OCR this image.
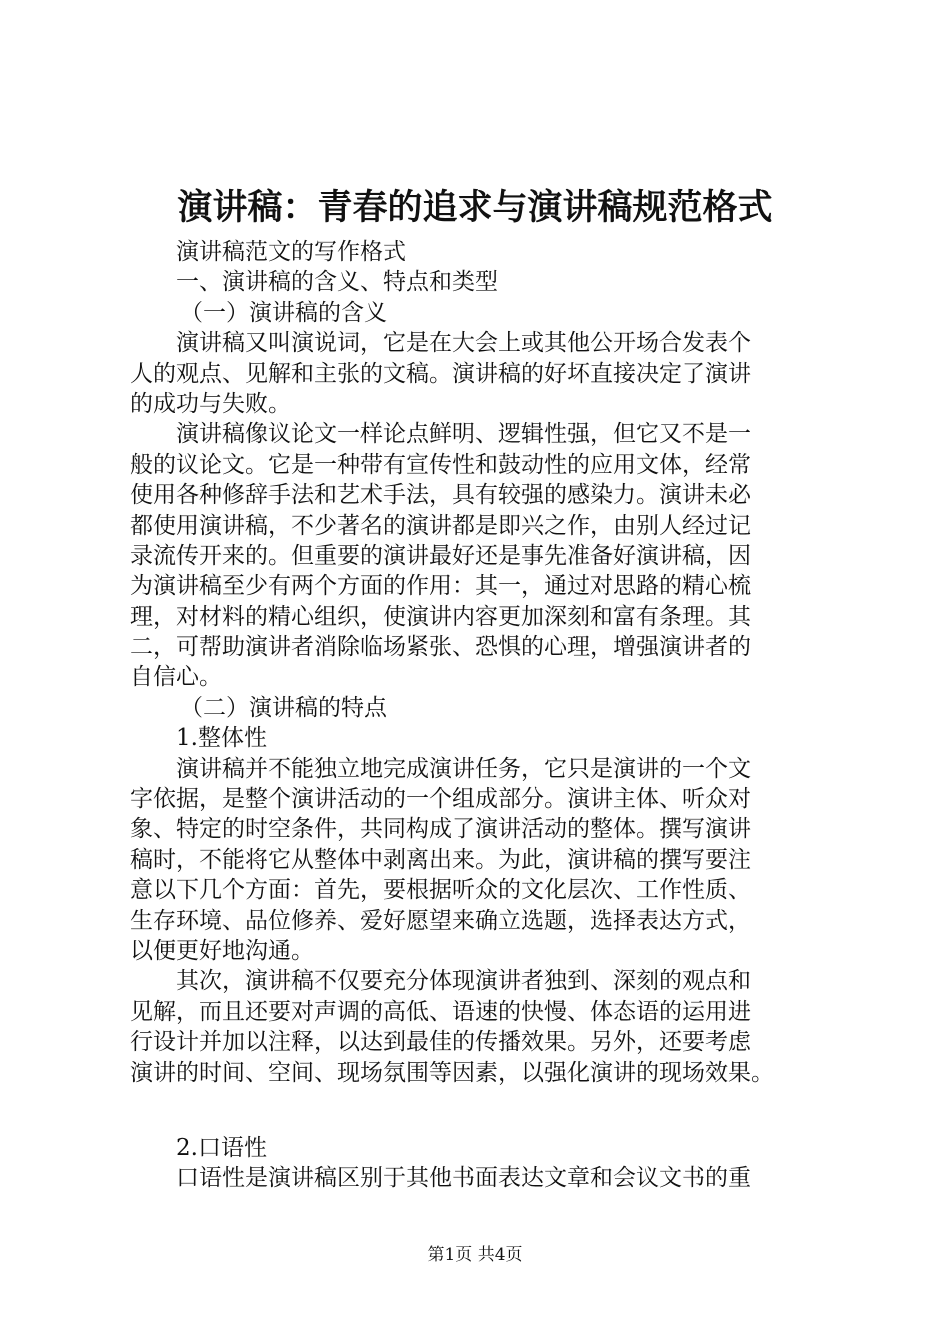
演讲稿：青春的追求与演讲稿规范格式
演讲稿范文的写作格式
一、演讲稿的含义、特点和类型
（一）演讲稿的含义
演讲稿又叫演说词，它是在大会上或其他公开场合发表个
人的观点、见解和主张的文稿。演讲稿的好坏直接决定了演讲
的成功与失败。
演讲稿像议论文一样论点鲜明、逻辑性强，但它又不是一
般的议论文。它是一种带有宣传性和鼓动性的应用文体，经常
使用各种修辞手法和艺术手法，具有较强的感染力。演讲未必
都使用演讲稿，不少著名的演讲都是即兴之作，由别人经过记
录流传开来的。但重要的演讲最好还是事先准备好演讲稿，因
为演讲稿至少有两个方面的作用：其一，通过对思路的精心梳
理，对材料的精心组织，使演讲内容更加深刻和富有条理。其
二，可帮助演讲者消除临场紧张、恐惧的心理，增强演讲者的
自信心。
（二）演讲稿的特点
1.整体性
演讲稿并不能独立地完成演讲任务，它只是演讲的一个文
字依据，是整个演讲活动的一个组成部分。演讲主体、听众对
象、特定的时空条件，共同构成了演讲活动的整体。撰写演讲
稿时，不能将它从整体中剥离出来。为此，演讲稿的撰写要注
意以下几个方面：首先，要根据听众的文化层次、工作性质、
生存环境、品位修养、爱好愿望来确立选题，选择表达方式，
以便更好地沟通。
其次，演讲稿不仅要充分体现演讲者独到、深刻的观点和
见解，而且还要对声调的高低、语速的快慢、体态语的运用进
行设计并加以注释，以达到最佳的传播效果。另外，还要考虑
演讲的时间、空间、现场氛围等因素，以强化演讲的现场效果。
2.口语性
口语性是演讲稿区别于其他书面表达文章和会议文书的重
第1页 共4页
